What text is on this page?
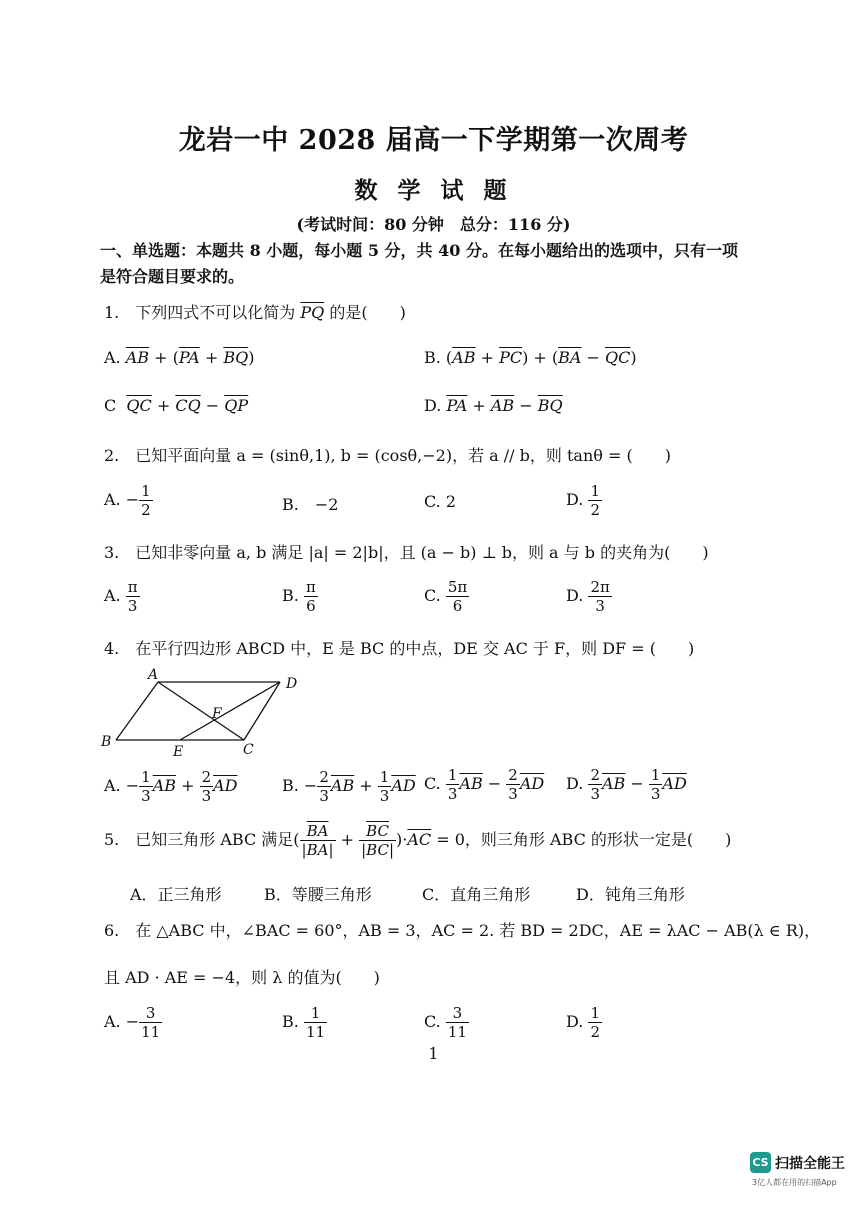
龙岩一中 2028 届高一下学期第一次周考
数 学 试 题
(考试时间：80 分钟　总分：116 分)
一、单选题：本题共 8 小题，每小题 5 分，共 40 分。在每小题给出的选项中，只有一项是符合题目要求的。
1.　下列四式不可以化简为 $\overline{PQ}$ 的是(　　)
A. $\overline{AB} + (\overline{PA} + \overline{BQ})$	B. $(\overline{AB} + \overline{PC}) + (\overline{BA} - \overline{QC})$
C $\overline{QC} + \overline{CQ} - \overline{QP}$	D. $\overline{PA} + \overline{AB} - \overline{BQ}$
2.　已知平面向量 a = (sinθ,1), b = (cosθ,−2)，若 a // b，则 tanθ = (　　)
A. − $\frac{1}{2}$	B.　−2	C. 2	D. $\frac{1}{2}$
3.　已知非零向量 a, b 满足 |a| = 2|b|，且 (a − b) ⊥ b，则 a 与 b 的夹角为(　　)
A. $\frac{\pi}{3}$	B. $\frac{\pi}{6}$	C. $\frac{5\pi}{6}$	D. $\frac{2\pi}{3}$
4.　在平行四边形 ABCD 中，E 是 BC 的中点，DE 交 AC 于 F，则 DF = (　　)
A
D
B	C
E
F
A. − $\frac{1}{3} \overline{AB} + \frac{2}{3} \overline{AD}$	B. − $\frac{2}{3} \overline{AB} + \frac{1}{3} \overline{AD}$ C. $\frac{1}{3} \overline{AB} - \frac{2}{3} \overline{AD}$ D. $\frac{2}{3} \overline{AB} - \frac{1}{3} \overline{AD}$
5.　已知三角形 ABC 满足( $\frac{\overline{BA}}{|\overline{BA}|} + \frac{\overline{BC}}{|\overline{BC}|} )\cdot\overline{AC} = 0$，则三角形 ABC 的形状一定是(　　)
A．正三角形	B．等腰三角形	C．直角三角形	D．钝角三角形
6.　在 △ABC 中，∠BAC = 60°，AB = 3，AC = 2. 若 BD = 2DC，AE = λAC − AB(λ ∈ R)，
且 AD · AE = −4，则 λ 的值为(　　)
A. − $\frac{3}{11}$	B. $\frac{1}{11}$	C. $\frac{3}{11}$	D. $\frac{1}{2}$
1
CS 扫描全能王
3亿人都在用的扫描App
